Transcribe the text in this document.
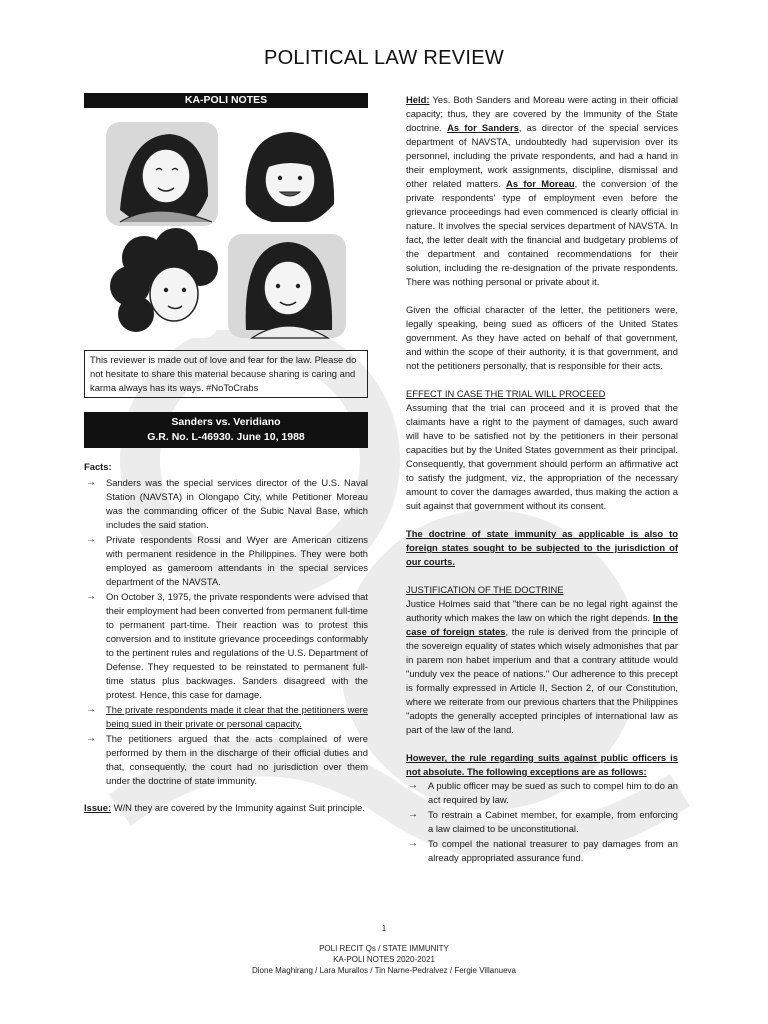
POLITICAL LAW REVIEW
KA-POLI NOTES
This reviewer is made out of love and fear for the law. Please do not hesitate to share this material because sharing is caring and karma always has its ways. #NoToCrabs
Sanders vs. Veridiano
G.R. No. L-46930. June 10, 1988

Facts:

→ Sanders was the special services director of the U.S. Naval Station (NAVSTA) in Olongapo City, while Petitioner Moreau was the commanding officer of the Subic Naval Base, which includes the said station.
→ Private respondents Rossi and Wyer are American citizens with permanent residence in the Philippines. They were both employed as gameroom attendants in the special services department of the NAVSTA.
→ On October 3, 1975, the private respondents were advised that their employment had been converted from permanent full-time to permanent part-time. Their reaction was to protest this conversion and to institute grievance proceedings conformably to the pertinent rules and regulations of the U.S. Department of Defense. They requested to be reinstated to permanent full-time status plus backwages. Sanders disagreed with the protest. Hence, this case for damage.
→ The private respondents made it clear that the petitioners were being sued in their private or personal capacity.
→ The petitioners argued that the acts complained of were performed by them in the discharge of their official duties and that, consequently, the court had no jurisdiction over them under the doctrine of state immunity.

Issue: W/N they are covered by the Immunity against Suit principle.

Held: Yes. Both Sanders and Moreau were acting in their official capacity; thus, they are covered by the Immunity of the State doctrine. As for Sanders, as director of the special services department of NAVSTA, undoubtedly had supervision over its personnel, including the private respondents, and had a hand in their employment, work assignments, discipline, dismissal and other related matters. As for Moreau, the conversion of the private respondents' type of employment even before the grievance proceedings had even commenced is clearly official in nature. It involves the special services department of NAVSTA. In fact, the letter dealt with the financial and budgetary problems of the department and contained recommendations for their solution, including the re-designation of the private respondents. There was nothing personal or private about it.

Given the official character of the letter, the petitioners were, legally speaking, being sued as officers of the United States government. As they have acted on behalf of that government, and within the scope of their authority, it is that government, and not the petitioners personally, that is responsible for their acts.

EFFECT IN CASE THE TRIAL WILL PROCEED

Assuming that the trial can proceed and it is proved that the claimants have a right to the payment of damages, such award will have to be satisfied not by the petitioners in their personal capacities but by the United States government as their principal. Consequently, that government should perform an affirmative act to satisfy the judgment, viz, the appropriation of the necessary amount to cover the damages awarded, thus making the action a suit against that government without its consent.

The doctrine of state immunity as applicable is also to foreign states sought to be subjected to the jurisdiction of our courts.

JUSTIFICATION OF THE DOCTRINE

Justice Holmes said that "there can be no legal right against the authority which makes the law on which the right depends. In the case of foreign states, the rule is derived from the principle of the sovereign equality of states which wisely admonishes that par in parem non habet imperium and that a contrary attitude would "unduly vex the peace of nations." Our adherence to this precept is formally expressed in Article II, Section 2, of our Constitution, where we reiterate from our previous charters that the Philippines "adopts the generally accepted principles of international law as part of the law of the land.

However, the rule regarding suits against public officers is not absolute. The following exceptions are as follows:

→ A public officer may be sued as such to compel him to do an act required by law.
→ To restrain a Cabinet member, for example, from enforcing a law claimed to be unconstitutional.
→ To compel the national treasurer to pay damages from an already appropriated assurance fund.
1
POLI RECIT Qs / STATE IMMUNITY
KA-POLI NOTES 2020-2021
Dione Maghirang / Lara Murallos / Tin Narne-Pedralvez / Fergie Villanueva
